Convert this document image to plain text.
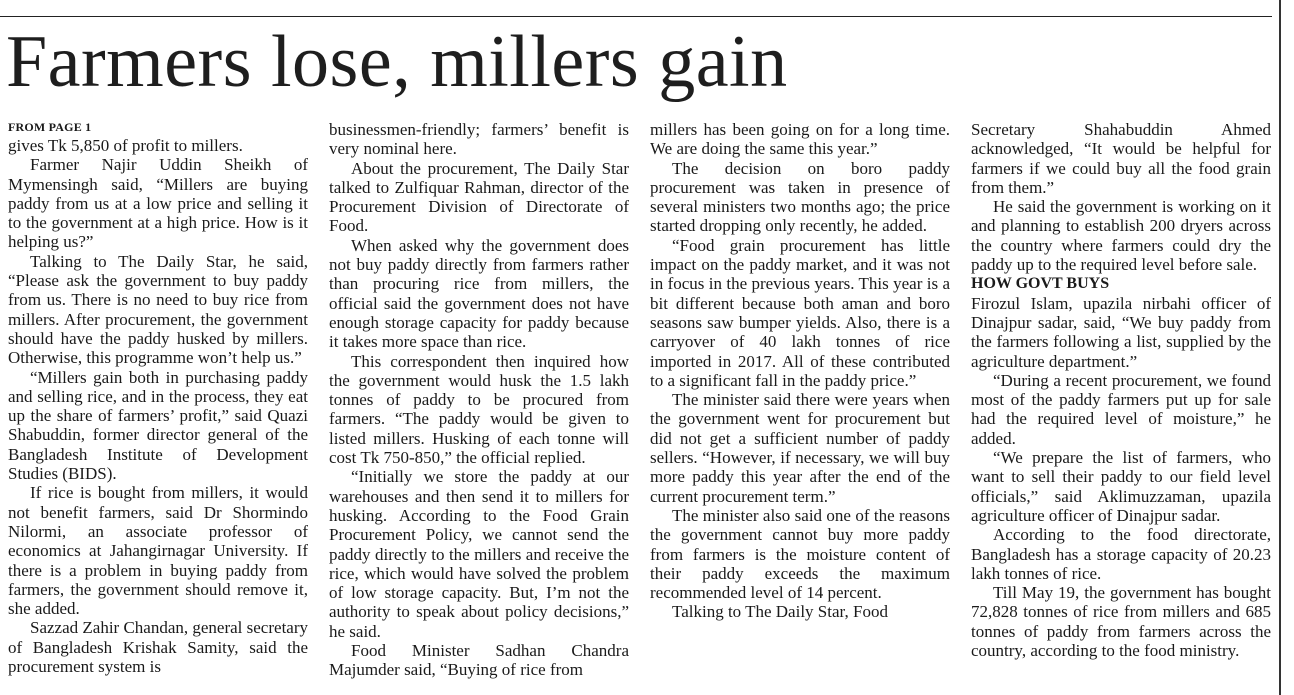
Farmers lose, millers gain
FROM PAGE 1

gives Tk 5,850 of profit to millers.

Farmer Najir Uddin Sheikh of Mymensingh said, “Millers are buying paddy from us at a low price and selling it to the government at a high price. How is it helping us?”

Talking to The Daily Star, he said, “Please ask the government to buy paddy from us. There is no need to buy rice from millers. After procurement, the government should have the paddy husked by millers. Otherwise, this programme won’t help us.”

“Millers gain both in purchasing paddy and selling rice, and in the process, they eat up the share of farmers’ profit,” said Quazi Shabuddin, former director general of the Bangladesh Institute of Development Studies (BIDS).

If rice is bought from millers, it would not benefit farmers, said Dr Shormindo Nilormi, an associate professor of economics at Jahangirnagar University. If there is a problem in buying paddy from farmers, the government should remove it, she added.

Sazzad Zahir Chandan, general secretary of Bangladesh Krishak Samity, said the procurement system is

businessmen-friendly; farmers’ benefit is very nominal here.

About the procurement, The Daily Star talked to Zulfiquar Rahman, director of the Procurement Division of Directorate of Food.

When asked why the government does not buy paddy directly from farmers rather than procuring rice from millers, the official said the government does not have enough storage capacity for paddy because it takes more space than rice.

This correspondent then inquired how the government would husk the 1.5 lakh tonnes of paddy to be procured from farmers. “The paddy would be given to listed millers. Husking of each tonne will cost Tk 750-850,” the official replied.

“Initially we store the paddy at our warehouses and then send it to millers for husking. According to the Food Grain Procurement Policy, we cannot send the paddy directly to the millers and receive the rice, which would have solved the problem of low storage capacity. But, I’m not the authority to speak about policy decisions,” he said.

Food Minister Sadhan Chandra Majumder said, “Buying of rice from

millers has been going on for a long time. We are doing the same this year.”

The decision on boro paddy procurement was taken in presence of several ministers two months ago; the price started dropping only recently, he added.

“Food grain procurement has little impact on the paddy market, and it was not in focus in the previous years. This year is a bit different because both aman and boro seasons saw bumper yields. Also, there is a carryover of 40 lakh tonnes of rice imported in 2017. All of these contributed to a significant fall in the paddy price.”

The minister said there were years when the government went for procurement but did not get a sufficient number of paddy sellers. “However, if necessary, we will buy more paddy this year after the end of the current procurement term.”

The minister also said one of the reasons the government cannot buy more paddy from farmers is the moisture content of their paddy exceeds the maximum recommended level of 14 percent.

Talking to The Daily Star, Food

Secretary Shahabuddin Ahmed acknowledged, “It would be helpful for farmers if we could buy all the food grain from them.”

He said the government is working on it and planning to establish 200 dryers across the country where farmers could dry the paddy up to the required level before sale.

HOW GOVT BUYS

Firozul Islam, upazila nirbahi officer of Dinajpur sadar, said, “We buy paddy from the farmers following a list, supplied by the agriculture department.”

“During a recent procurement, we found most of the paddy farmers put up for sale had the required level of moisture,” he added.

“We prepare the list of farmers, who want to sell their paddy to our field level officials,” said Aklimuzzaman, upazila agriculture officer of Dinajpur sadar.

According to the food directorate, Bangladesh has a storage capacity of 20.23 lakh tonnes of rice.

Till May 19, the government has bought 72,828 tonnes of rice from millers and 685 tonnes of paddy from farmers across the country, according to the food ministry.
